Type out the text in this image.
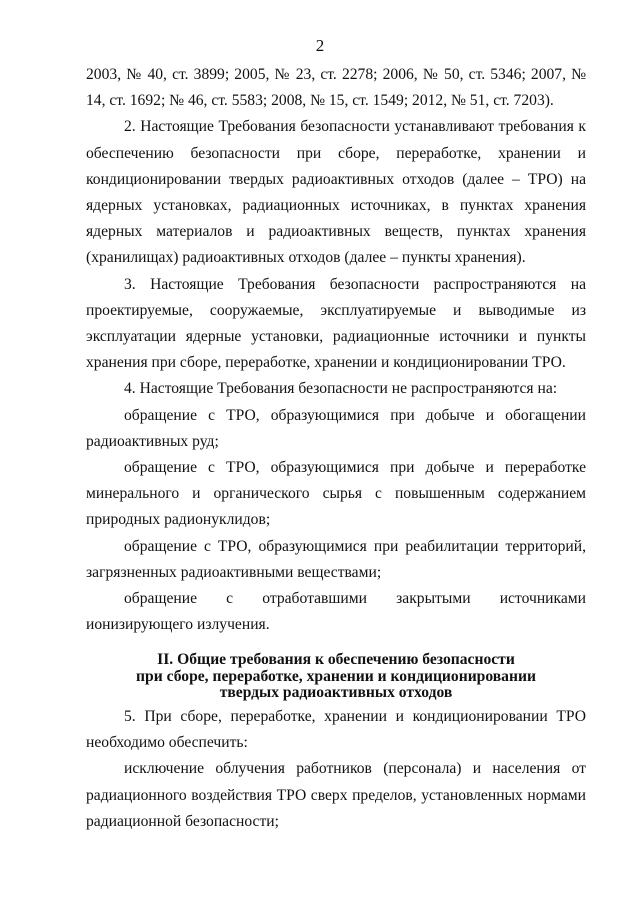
2

2003, № 40, ст. 3899; 2005, № 23, ст. 2278; 2006, № 50, ст. 5346; 2007, № 14, ст. 1692; № 46, ст. 5583; 2008, № 15, ст. 1549; 2012, № 51, ст. 7203).

2. Настоящие Требования безопасности устанавливают требования к обеспечению безопасности при сборе, переработке, хранении и кондиционировании твердых радиоактивных отходов (далее – ТРО) на ядерных установках, радиационных источниках, в пунктах хранения ядерных материалов и радиоактивных веществ, пунктах хранения (хранилищах) радиоактивных отходов (далее – пункты хранения).

3. Настоящие Требования безопасности распространяются на проектируемые, сооружаемые, эксплуатируемые и выводимые из эксплуатации ядерные установки, радиационные источники и пункты хранения при сборе, переработке, хранении и кондиционировании ТРО.

4. Настоящие Требования безопасности не распространяются на:

обращение с ТРО, образующимися при добыче и обогащении радиоактивных руд;

обращение с ТРО, образующимися при добыче и переработке минерального и органического сырья с повышенным содержанием природных радионуклидов;

обращение с ТРО, образующимися при реабилитации территорий, загрязненных радиоактивными веществами;

обращение с отработавшими закрытыми источниками ионизирующего излучения.

II. Общие требования к обеспечению безопасности
при сборе, переработке, хранении и кондиционировании
твердых радиоактивных отходов

5. При сборе, переработке, хранении и кондиционировании ТРО необходимо обеспечить:

исключение облучения работников (персонала) и населения от радиационного воздействия ТРО сверх пределов, установленных нормами радиационной безопасности;
